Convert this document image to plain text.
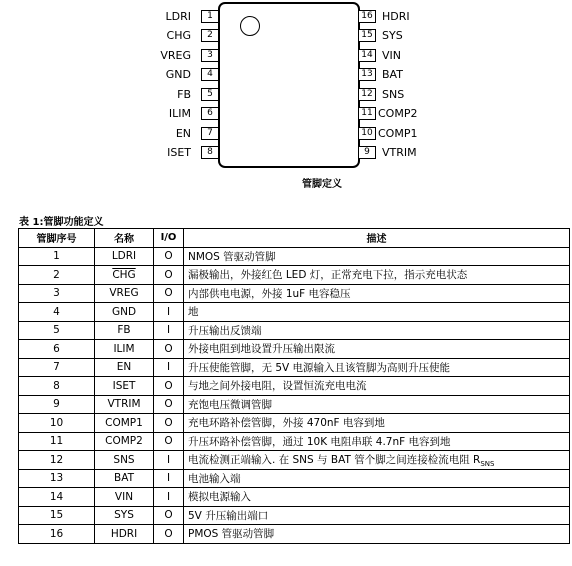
LDRI	1
CHG	2
VREG	3
GND	4
FB	5
ILIM	6
EN	7
ISET	8
16 HDRI
15 SYS
14 VIN
13 BAT
12 SNS
11 COMP2
10 COMP1
9	VTRIM
管脚定义
表 1:管脚功能定义
管脚序号	名称	I/O	描述
1	LDRI	O	NMOS 管驱动管脚
2	$\overline{CHG}$	O	漏极输出，外接红色 LED 灯，正常充电下拉，指示充电状态
3	VREG	O	内部供电电源，外接 1uF 电容稳压
4	GND	I	地
5	FB	I	升压输出反馈端
6	ILIM	O	外接电阻到地设置升压输出限流
7	EN	I	升压使能管脚，无 5V 电源输入且该管脚为高则升压使能
8	ISET	O	与地之间外接电阻，设置恒流充电电流
9	VTRIM	O	充饱电压微调管脚
10	COMP1	O	充电环路补偿管脚，外接 470nF 电容到地
11	COMP2	O	升压环路补偿管脚，通过 10K 电阻串联 4.7nF 电容到地
12	SNS	I	电流检测正端输入. 在 SNS 与 BAT 管个脚之间连接检流电阻 $R_{SNS}$
13	BAT	I	电池输入端
14	VIN	I	模拟电源输入
15	SYS	O	5V 升压输出端口
16	HDRI	O	PMOS 管驱动管脚
